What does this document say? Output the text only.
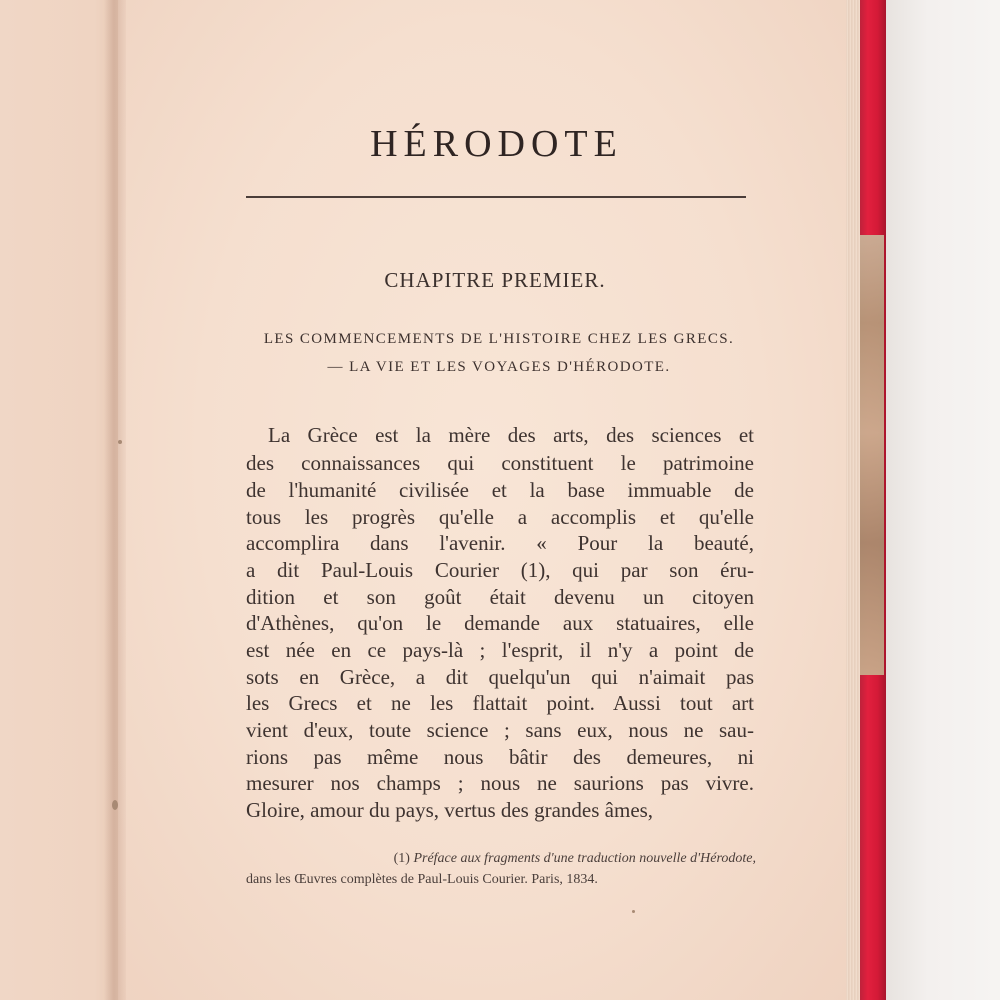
HÉRODOTE
CHAPITRE PREMIER.
LES COMMENCEMENTS DE L'HISTOIRE CHEZ LES GRECS.
— LA VIE ET LES VOYAGES D'HÉRODOTE.
La Grèce est la mère des arts, des sciences et
des connaissances qui constituent le patrimoine
de l'humanité civilisée et la base immuable de
tous les progrès qu'elle a accomplis et qu'elle
accomplira dans l'avenir. « Pour la beauté,
a dit Paul-Louis Courier (1), qui par son éru-
dition et son goût était devenu un citoyen
d'Athènes, qu'on le demande aux statuaires, elle
est née en ce pays-là ; l'esprit, il n'y a point de
sots en Grèce, a dit quelqu'un qui n'aimait pas
les Grecs et ne les flattait point. Aussi tout art
vient d'eux, toute science ; sans eux, nous ne sau-
rions pas même nous bâtir des demeures, ni
mesurer nos champs ; nous ne saurions pas vivre.
Gloire, amour du pays, vertus des grandes âmes,
(1) Préface aux fragments d'une traduction nouvelle d'Hérodote,
dans les Œuvres complètes de Paul-Louis Courier. Paris, 1834.
